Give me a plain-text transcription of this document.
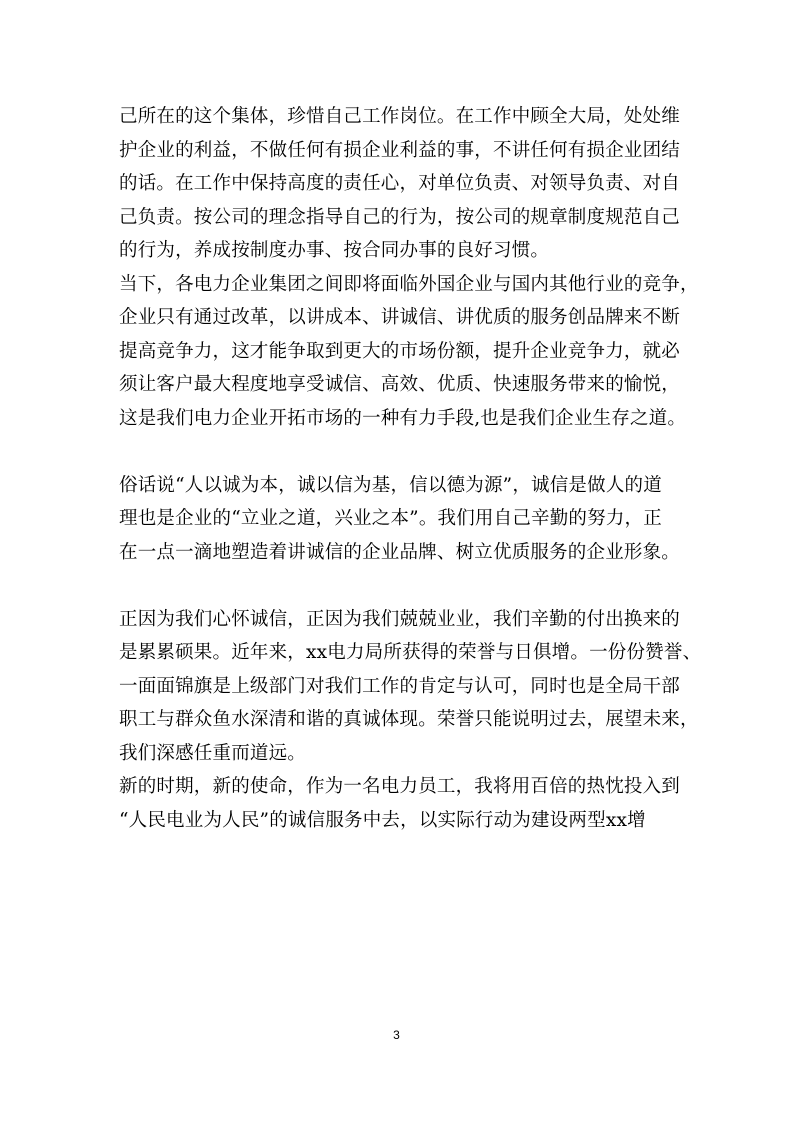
己所在的这个集体，珍惜自己工作岗位。在工作中顾全大局，处处维
护企业的利益，不做任何有损企业利益的事，不讲任何有损企业团结
的话。在工作中保持高度的责任心，对单位负责、对领导负责、对自
己负责。按公司的理念指导自己的行为，按公司的规章制度规范自己
的行为，养成按制度办事、按合同办事的良好习惯。
当下，各电力企业集团之间即将面临外国企业与国内其他行业的竞争，
企业只有通过改革，以讲成本、讲诚信、讲优质的服务创品牌来不断
提高竞争力，这才能争取到更大的市场份额，提升企业竞争力，就必
须让客户最大程度地享受诚信、高效、优质、快速服务带来的愉悦，
这是我们电力企业开拓市场的一种有力手段,也是我们企业生存之道。
俗话说“人以诚为本，诚以信为基，信以德为源”，诚信是做人的道
理也是企业的“立业之道，兴业之本”。我们用自己辛勤的努力，正
在一点一滴地塑造着讲诚信的企业品牌、树立优质服务的企业形象。
正因为我们心怀诚信，正因为我们兢兢业业，我们辛勤的付出换来的
是累累硕果。近年来，xx电力局所获得的荣誉与日俱增。一份份赞誉、
一面面锦旗是上级部门对我们工作的肯定与认可，同时也是全局干部
职工与群众鱼水深清和谐的真诚体现。荣誉只能说明过去，展望未来，
我们深感任重而道远。
新的时期，新的使命，作为一名电力员工，我将用百倍的热忱投入到
“人民电业为人民”的诚信服务中去，以实际行动为建设两型xx增
3
